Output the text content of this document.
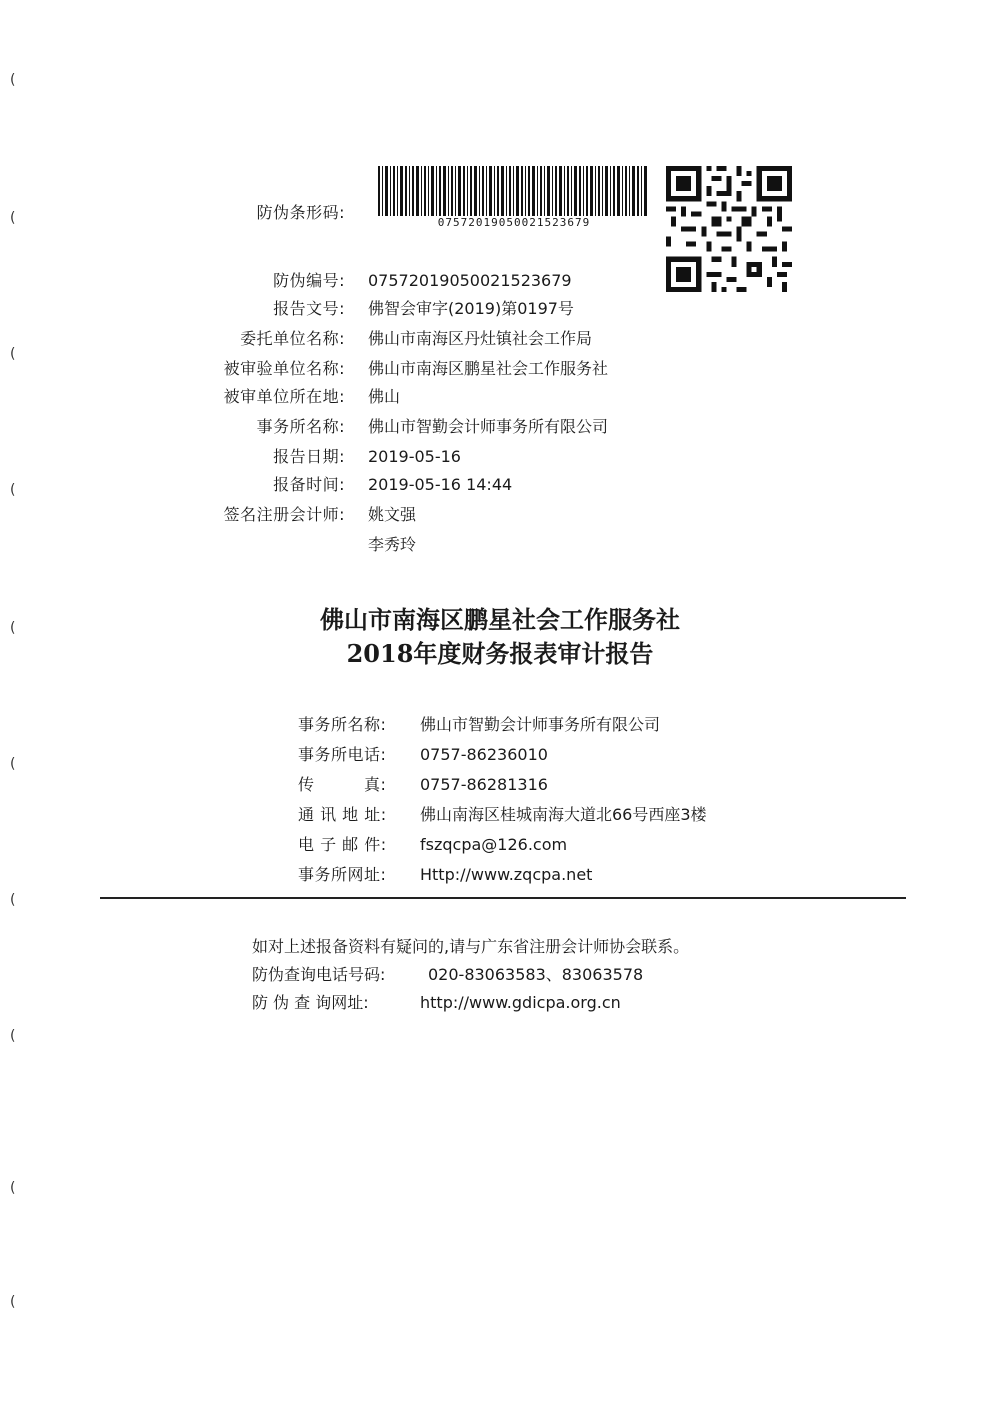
(
(
(
(
(
(
(
(
(
(
防伪条形码:
07572019050021523679
防伪编号: 07572019050021523679
报告文号: 佛智会审字(2019)第0197号
委托单位名称: 佛山市南海区丹灶镇社会工作局
被审验单位名称: 佛山市南海区鹏星社会工作服务社
被审单位所在地: 佛山
事务所名称: 佛山市智勤会计师事务所有限公司
报告日期: 2019-05-16
报备时间: 2019-05-16 14:44
签名注册会计师: 姚文强
李秀玲
佛山市南海区鹏星社会工作服务社
2018年度财务报表审计报告
事务所名称: 佛山市智勤会计师事务所有限公司
事务所电话: 0757-86236010
传　　　真: 0757-86281316
通 讯 地 址: 佛山南海区桂城南海大道北66号西座3楼
电 子 邮 件: fszqcpa@126.com
事务所网址: Http://www.zqcpa.net
如对上述报备资料有疑问的,请与广东省注册会计师协会联系。
防伪查询电话号码:	020-83063583、83063578
防 伪 查 询网址:	http://www.gdicpa.org.cn
